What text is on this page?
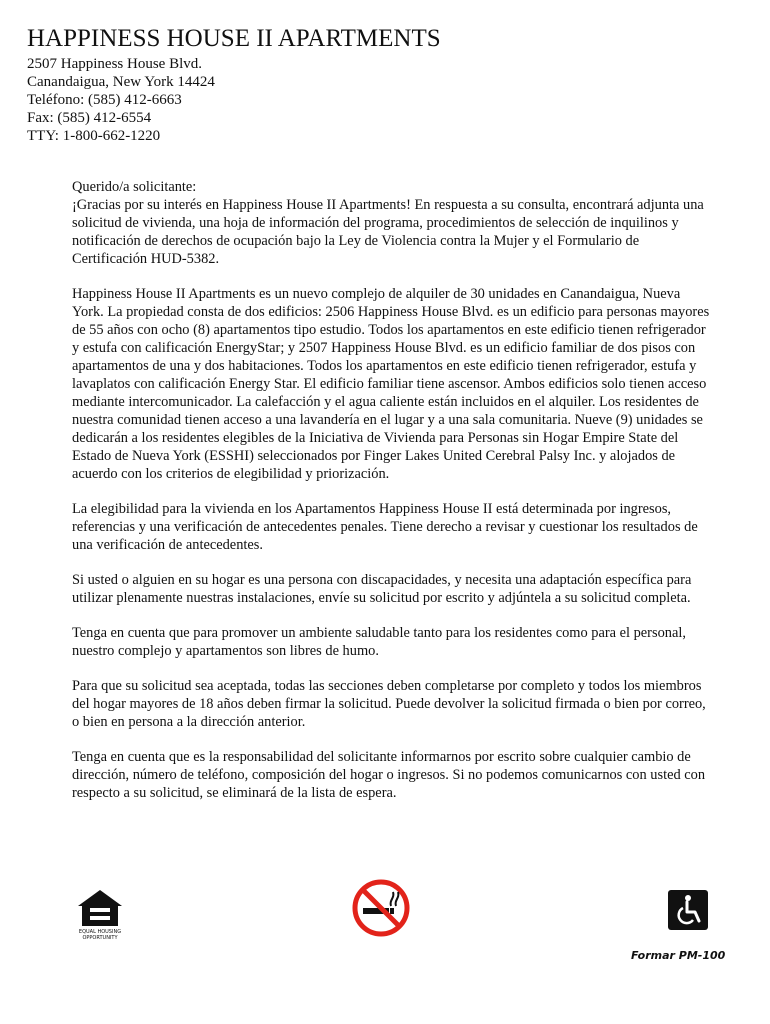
HAPPINESS HOUSE II APARTMENTS
2507 Happiness House Blvd.
Canandaigua, New York 14424
Teléfono: (585) 412-6663
Fax: (585) 412-6554
TTY: 1-800-662-1220

Querido/a solicitante:
¡Gracias por su interés en Happiness House II Apartments! En respuesta a su consulta, encontrará adjunta una solicitud de vivienda, una hoja de información del programa, procedimientos de selección de inquilinos y notificación de derechos de ocupación bajo la Ley de Violencia contra la Mujer y el Formulario de Certificación HUD-5382.

Happiness House II Apartments es un nuevo complejo de alquiler de 30 unidades en Canandaigua, Nueva York. La propiedad consta de dos edificios: 2506 Happiness House Blvd. es un edificio para personas mayores de 55 años con ocho (8) apartamentos tipo estudio. Todos los apartamentos en este edificio tienen refrigerador y estufa con calificación EnergyStar; y 2507 Happiness House Blvd. es un edificio familiar de dos pisos con apartamentos de una y dos habitaciones. Todos los apartamentos en este edificio tienen refrigerador, estufa y lavaplatos con calificación Energy Star. El edificio familiar tiene ascensor. Ambos edificios solo tienen acceso mediante intercomunicador. La calefacción y el agua caliente están incluidos en el alquiler. Los residentes de nuestra comunidad tienen acceso a una lavandería en el lugar y a una sala comunitaria. Nueve (9) unidades se dedicarán a los residentes elegibles de la Iniciativa de Vivienda para Personas sin Hogar Empire State del Estado de Nueva York (ESSHI) seleccionados por Finger Lakes United Cerebral Palsy Inc. y alojados de acuerdo con los criterios de elegibilidad y priorización.

La elegibilidad para la vivienda en los Apartamentos Happiness House II está determinada por ingresos, referencias y una verificación de antecedentes penales. Tiene derecho a revisar y cuestionar los resultados de una verificación de antecedentes.

Si usted o alguien en su hogar es una persona con discapacidades, y necesita una adaptación específica para utilizar plenamente nuestras instalaciones, envíe su solicitud por escrito y adjúntela a su solicitud completa.

Tenga en cuenta que para promover un ambiente saludable tanto para los residentes como para el personal, nuestro complejo y apartamentos son libres de humo.

Para que su solicitud sea aceptada, todas las secciones deben completarse por completo y todos los miembros del hogar mayores de 18 años deben firmar la solicitud. Puede devolver la solicitud firmada o bien por correo, o bien en persona a la dirección anterior.

Tenga en cuenta que es la responsabilidad del solicitante informarnos por escrito sobre cualquier cambio de dirección, número de teléfono, composición del hogar o ingresos. Si no podemos comunicarnos con usted con respecto a su solicitud, se eliminará de la lista de espera.

EQUAL HOUSING
OPPORTUNITY
Formar PM-100
